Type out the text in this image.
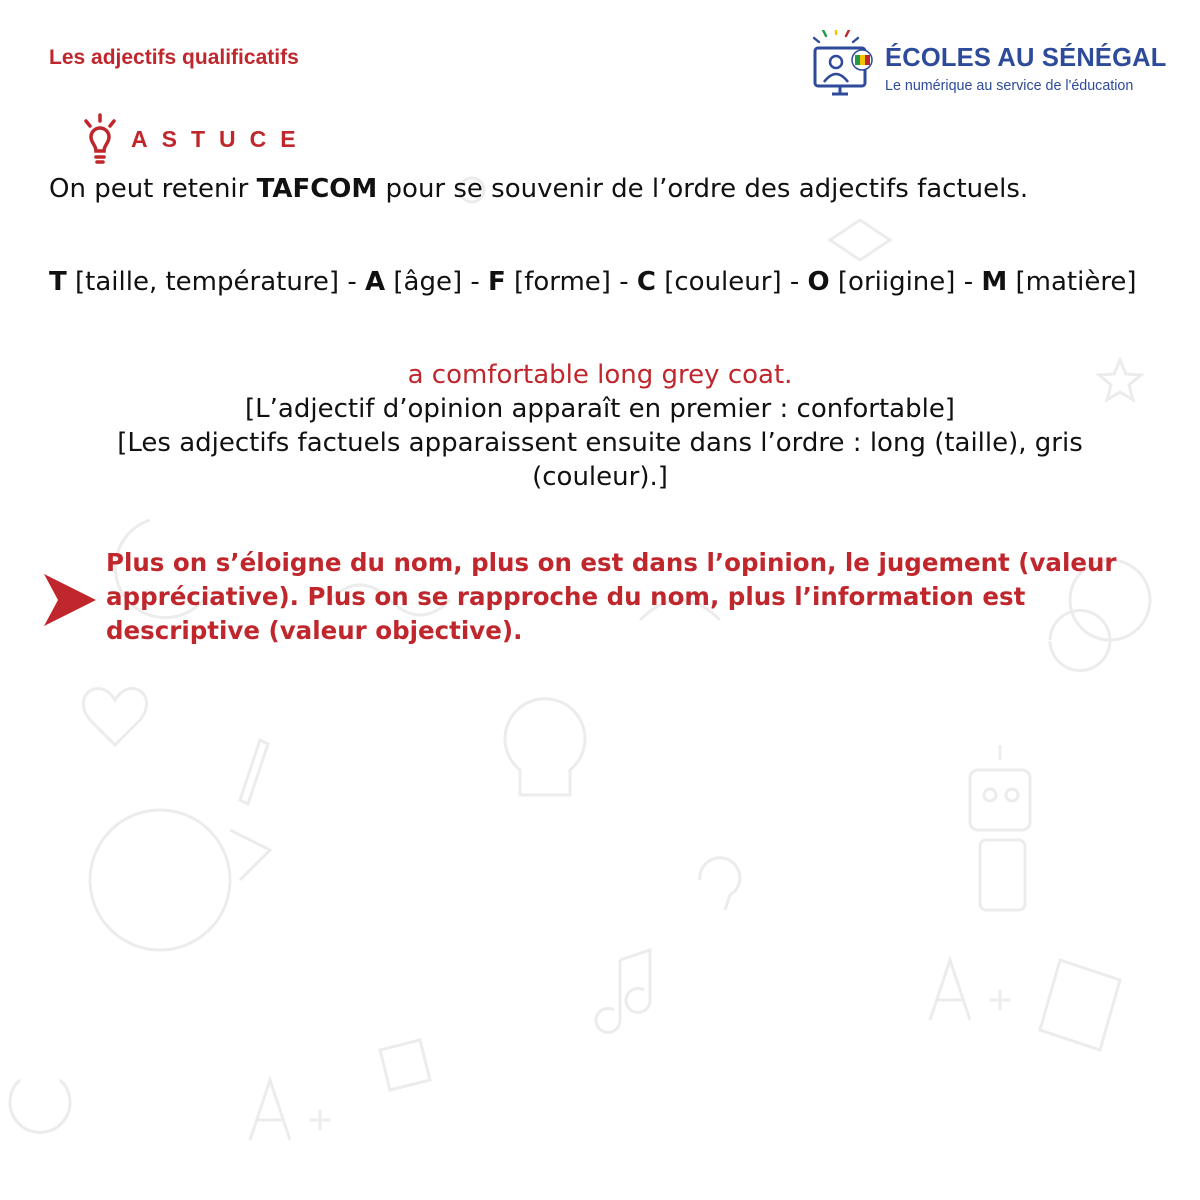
Les adjectifs qualificatifs	ÉCOLES AU SÉNÉGAL
Le numérique au service de l'éducation
ASTUCE

On peut retenir TAFCOM pour se souvenir de l’ordre des adjectifs factuels.

T [taille, température] - A [âge] - F [forme] - C [couleur] - O [oriigine] - M [matière]

a comfortable long grey coat.
[L’adjectif d’opinion apparaît en premier : confortable]
[Les adjectifs factuels apparaissent ensuite dans l’ordre : long (taille), gris (couleur).]

Plus on s’éloigne du nom, plus on est dans l’opinion, le jugement (valeur appréciative). Plus on se rapproche du nom, plus l’information est descriptive (valeur objective).
